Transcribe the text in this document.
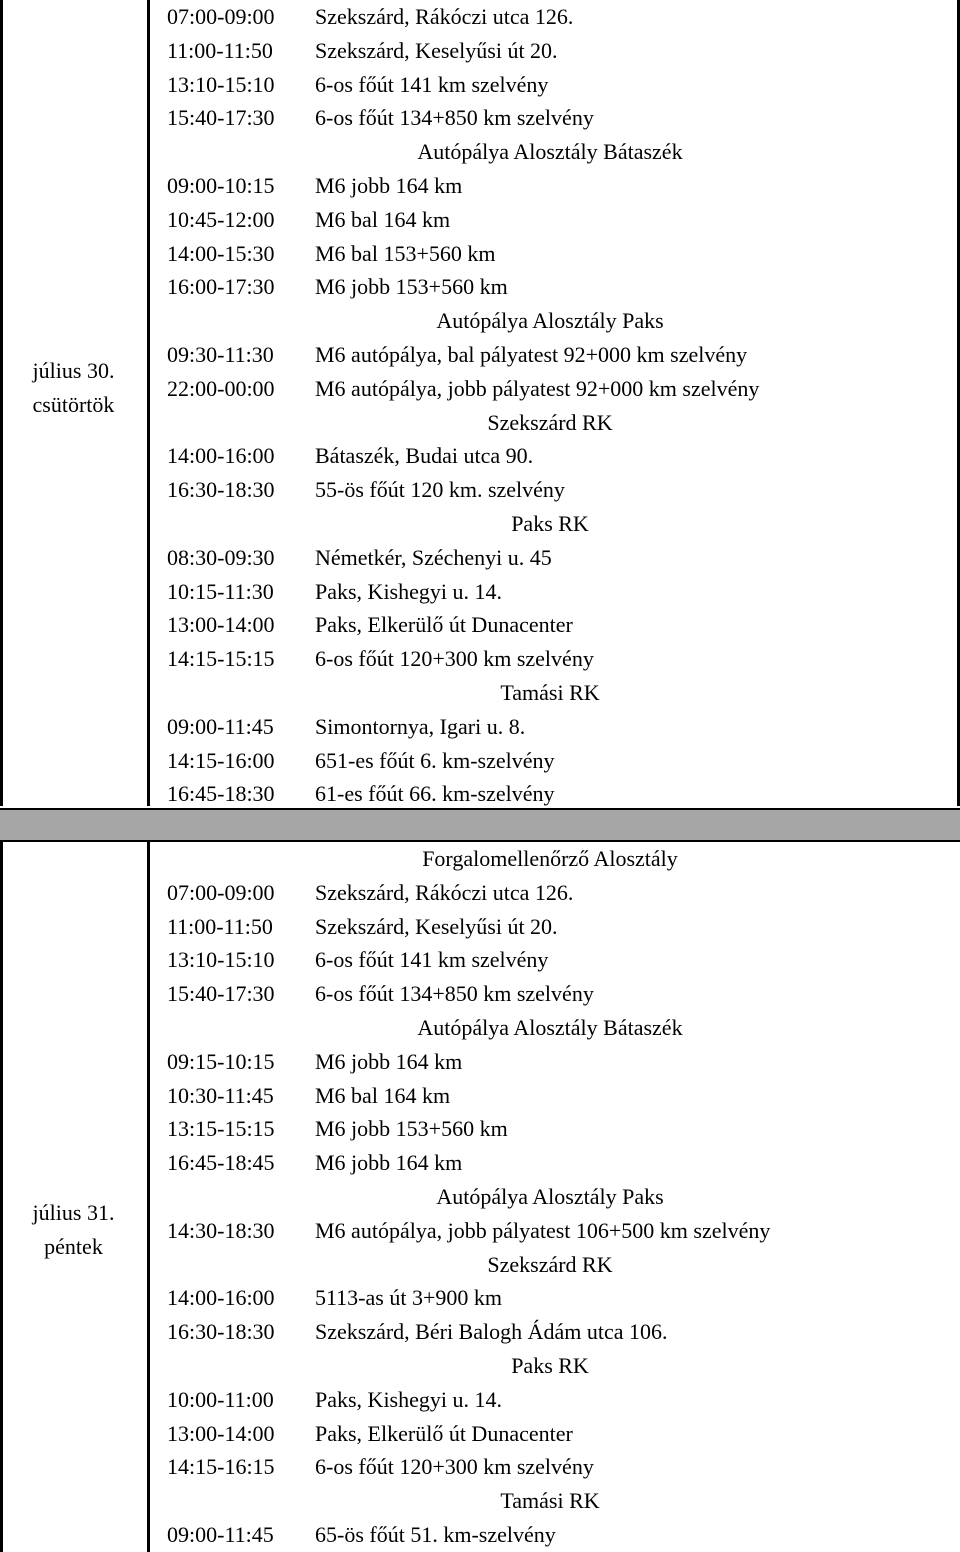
július 30.
csütörtök
07:00-09:00 Szekszárd, Rákóczi utca 126.
11:00-11:50 Szekszárd, Keselyűsi út 20.
13:10-15:10 6-os főút 141 km szelvény
15:40-17:30 6-os főút 134+850 km szelvény
Autópálya Alosztály Bátaszék
09:00-10:15 M6 jobb 164 km
10:45-12:00 M6 bal 164 km
14:00-15:30 M6 bal 153+560 km
16:00-17:30 M6 jobb 153+560 km
Autópálya Alosztály Paks
09:30-11:30 M6 autópálya, bal pályatest 92+000 km szelvény
22:00-00:00 M6 autópálya, jobb pályatest 92+000 km szelvény
Szekszárd RK
14:00-16:00 Bátaszék, Budai utca 90.
16:30-18:30 55-ös főút 120 km. szelvény
Paks RK
08:30-09:30 Németkér, Széchenyi u. 45
10:15-11:30 Paks, Kishegyi u. 14.
13:00-14:00 Paks, Elkerülő út Dunacenter
14:15-15:15 6-os főút 120+300 km szelvény
Tamási RK
09:00-11:45 Simontornya, Igari u. 8.
14:15-16:00 651-es főút 6. km-szelvény
16:45-18:30 61-es főút 66. km-szelvény
július 31.
péntek
Forgalomellenőrző Alosztály
07:00-09:00 Szekszárd, Rákóczi utca 126.
11:00-11:50 Szekszárd, Keselyűsi út 20.
13:10-15:10 6-os főút 141 km szelvény
15:40-17:30 6-os főút 134+850 km szelvény
Autópálya Alosztály Bátaszék
09:15-10:15 M6 jobb 164 km
10:30-11:45 M6 bal 164 km
13:15-15:15 M6 jobb 153+560 km
16:45-18:45 M6 jobb 164 km
Autópálya Alosztály Paks
14:30-18:30 M6 autópálya, jobb pályatest 106+500 km szelvény
Szekszárd RK
14:00-16:00 5113-as út 3+900 km
16:30-18:30 Szekszárd, Béri Balogh Ádám utca 106.
Paks RK
10:00-11:00 Paks, Kishegyi u. 14.
13:00-14:00 Paks, Elkerülő út Dunacenter
14:15-16:15 6-os főút 120+300 km szelvény
Tamási RK
09:00-11:45 65-ös főút 51. km-szelvény
